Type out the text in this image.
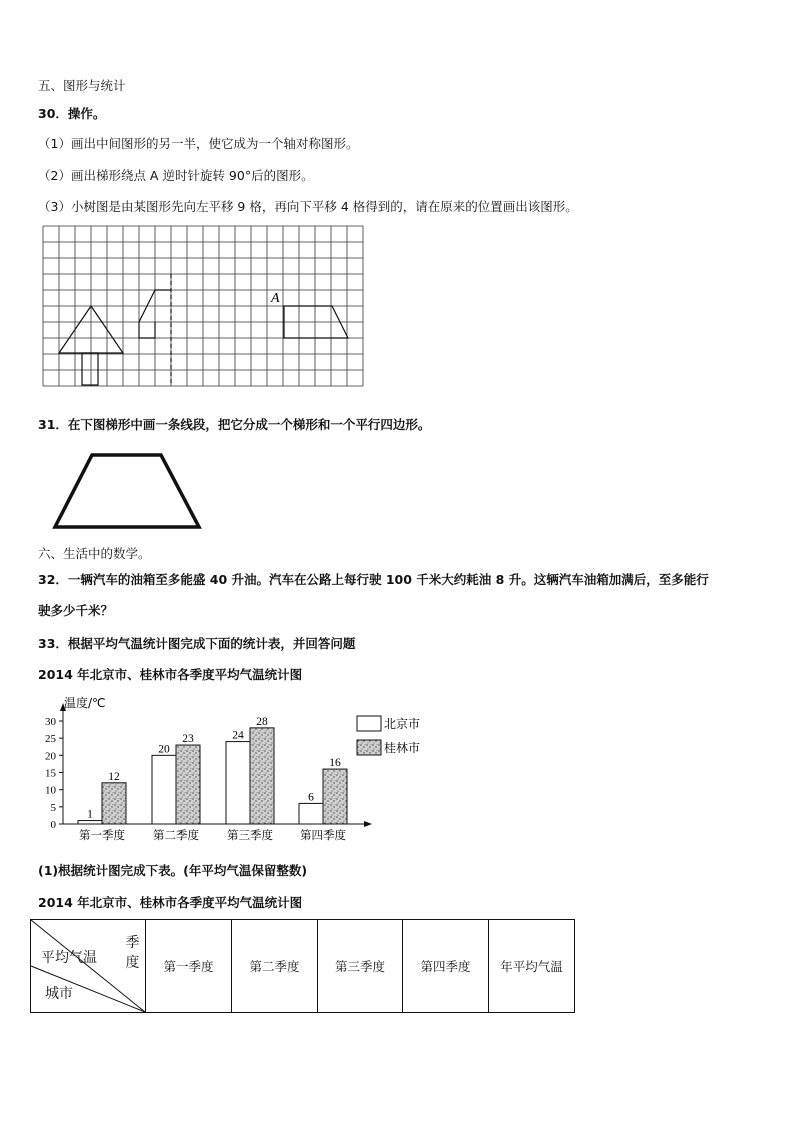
五、图形与统计
30．操作。
（1）画出中间图形的另一半，使它成为一个轴对称图形。
（2）画出梯形绕点 A 逆时针旋转 90°后的图形。
（3）小树图是由某图形先向左平移 9 格，再向下平移 4 格得到的，请在原来的位置画出该图形。
A
31．在下图梯形中画一条线段，把它分成一个梯形和一个平行四边形。
六、生活中的数学。
32．一辆汽车的油箱至多能盛 40 升油。汽车在公路上每行驶 100 千米大约耗油 8 升。这辆汽车油箱加满后，至多能行
驶多少千米？
33．根据平均气温统计图完成下面的统计表，并回答问题
2014 年北京市、桂林市各季度平均气温统计图
温度/℃
0
5
10
15
20
25
30
1
12
第一季度
20
23
第二季度
24
28
第三季度
6
16
第四季度
北京市
桂林市
(1)根据统计图完成下表。(年平均气温保留整数)
2014 年北京市、桂林市各季度平均气温统计图
季度
平均气温
城市
	第一季度	第二季度	第三季度	第四季度	年平均气温
